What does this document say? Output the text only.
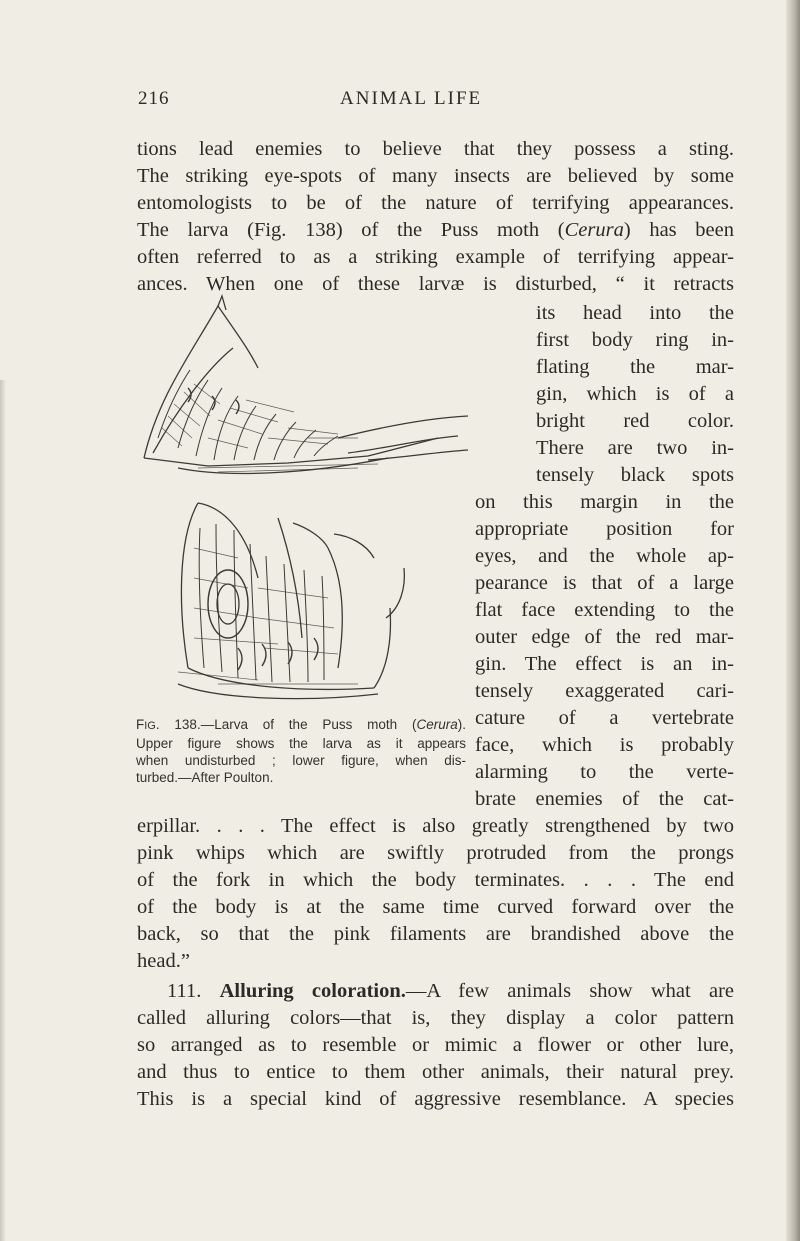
216	ANIMAL LIFE
tions lead enemies to believe that they possess a sting.
The striking eye-spots of many insects are believed by some
entomologists to be of the nature of terrifying appearances.
The larva (Fig. 138) of the Puss moth (Cerura) has been
often referred to as a striking example of terrifying appear-
ances. When one of these larvæ is disturbed, “ it retracts
its head into the
first body ring in-
flating the mar-
gin, which is of a
bright red color.
There are two in-
tensely black spots
on this margin in the
appropriate position for
eyes, and the whole ap-
pearance is that of a large
flat face extending to the
outer edge of the red mar-
gin. The effect is an in-
tensely exaggerated cari-
cature of a vertebrate
face, which is probably
alarming to the verte-
brate enemies of the cat-
erpillar. . . . The effect is also greatly strengthened by two
pink whips which are swiftly protruded from the prongs
of the fork in which the body terminates. . . . The end
of the body is at the same time curved forward over the
back, so that the pink filaments are brandished above the
head.”
111. Alluring coloration.—A few animals show what are
called alluring colors—that is, they display a color pattern
so arranged as to resemble or mimic a flower or other lure,
and thus to entice to them other animals, their natural prey.
This is a special kind of aggressive resemblance. A species
FIG. 138.—Larva of the Puss moth (Cerura).
Upper figure shows the larva as it appears
when undisturbed ; lower figure, when dis-
turbed.—After Poulton.
